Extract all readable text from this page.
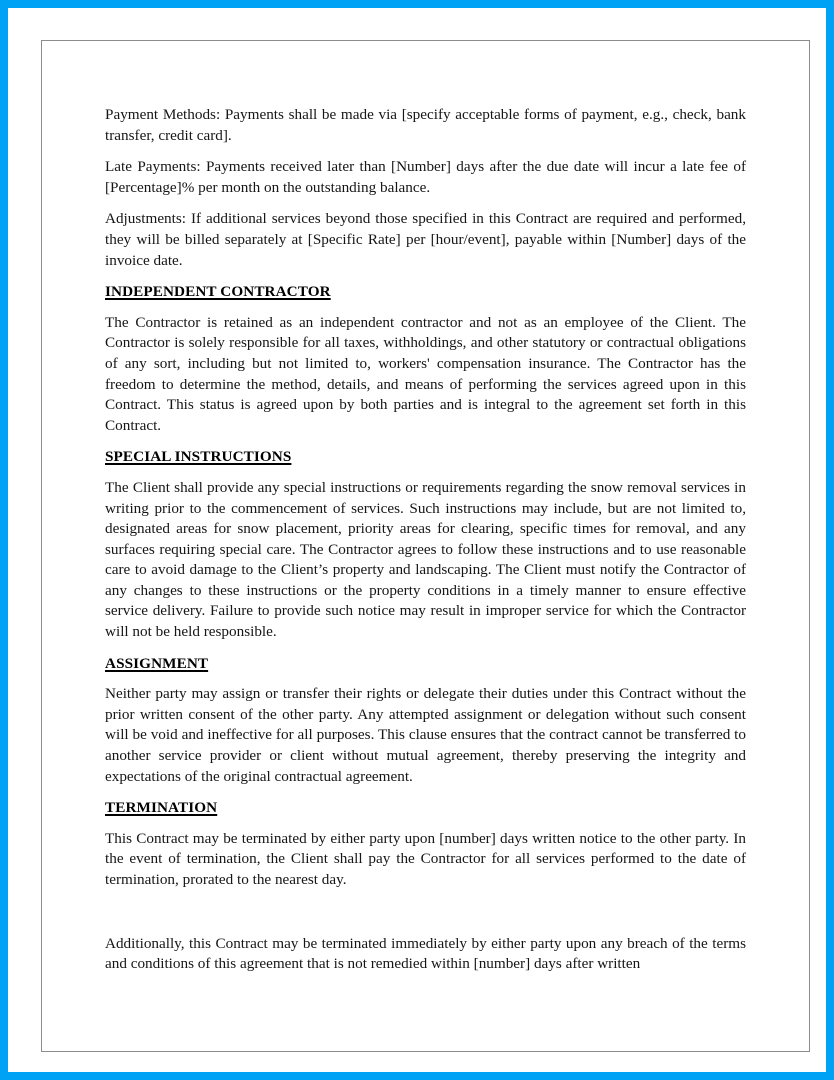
Payment Methods: Payments shall be made via [specify acceptable forms of payment, e.g., check, bank transfer, credit card].

Late Payments: Payments received later than [Number] days after the due date will incur a late fee of [Percentage]% per month on the outstanding balance.

Adjustments: If additional services beyond those specified in this Contract are required and performed, they will be billed separately at [Specific Rate] per [hour/event], payable within [Number] days of the invoice date.

INDEPENDENT CONTRACTOR

The Contractor is retained as an independent contractor and not as an employee of the Client. The Contractor is solely responsible for all taxes, withholdings, and other statutory or contractual obligations of any sort, including but not limited to, workers' compensation insurance. The Contractor has the freedom to determine the method, details, and means of performing the services agreed upon in this Contract. This status is agreed upon by both parties and is integral to the agreement set forth in this Contract.

SPECIAL INSTRUCTIONS

The Client shall provide any special instructions or requirements regarding the snow removal services in writing prior to the commencement of services. Such instructions may include, but are not limited to, designated areas for snow placement, priority areas for clearing, specific times for removal, and any surfaces requiring special care. The Contractor agrees to follow these instructions and to use reasonable care to avoid damage to the Client’s property and landscaping. The Client must notify the Contractor of any changes to these instructions or the property conditions in a timely manner to ensure effective service delivery. Failure to provide such notice may result in improper service for which the Contractor will not be held responsible.

ASSIGNMENT

Neither party may assign or transfer their rights or delegate their duties under this Contract without the prior written consent of the other party. Any attempted assignment or delegation without such consent will be void and ineffective for all purposes. This clause ensures that the contract cannot be transferred to another service provider or client without mutual agreement, thereby preserving the integrity and expectations of the original contractual agreement.

TERMINATION

This Contract may be terminated by either party upon [number] days written notice to the other party. In the event of termination, the Client shall pay the Contractor for all services performed to the date of termination, prorated to the nearest day.

Additionally, this Contract may be terminated immediately by either party upon any breach of the terms and conditions of this agreement that is not remedied within [number] days after written
